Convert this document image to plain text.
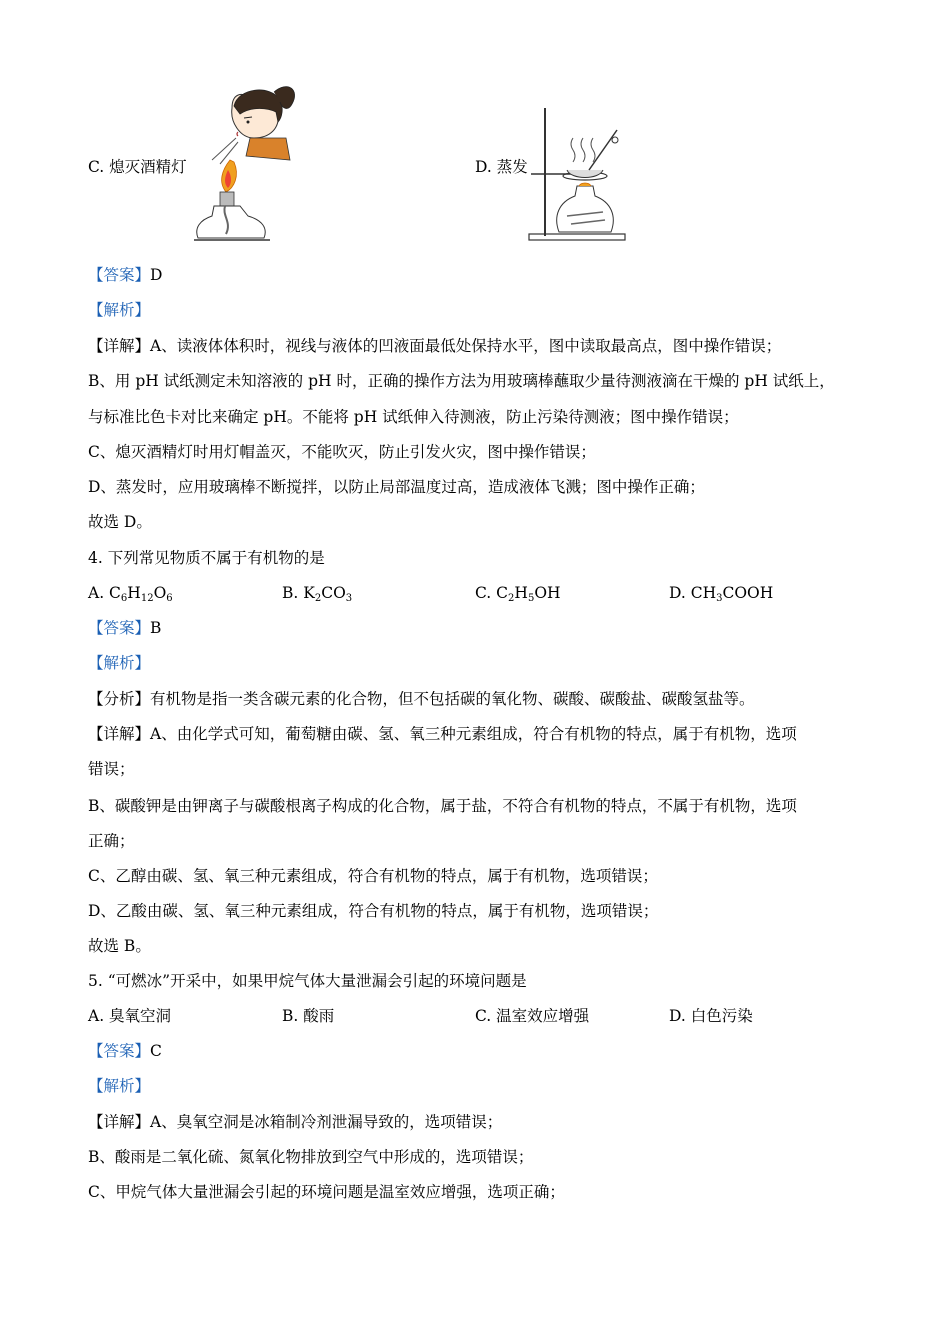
C. 熄灭酒精灯	D. 蒸发
【答案】D
【解析】
【详解】A、读液体体积时，视线与液体的凹液面最低处保持水平，图中读取最高点，图中操作错误；
B、用 pH 试纸测定未知溶液的 pH 时，正确的操作方法为用玻璃棒蘸取少量待测液滴在干燥的 pH 试纸上，
与标准比色卡对比来确定 pH。不能将 pH 试纸伸入待测液，防止污染待测液；图中操作错误；
C、熄灭酒精灯时用灯帽盖灭，不能吹灭，防止引发火灾，图中操作错误；
D、蒸发时，应用玻璃棒不断搅拌，以防止局部温度过高，造成液体飞溅；图中操作正确；
故选 D。
4. 下列常见物质不属于有机物的是
A. $C_6H_{12}O_6$	B. $K_2CO_3$	C. $C_2H_5OH$	D. $CH_3COOH$
【答案】B
【解析】
【分析】有机物是指一类含碳元素的化合物，但不包括碳的氧化物、碳酸、碳酸盐、碳酸氢盐等。
【详解】A、由化学式可知，葡萄糖由碳、氢、氧三种元素组成，符合有机物的特点，属于有机物，选项
错误；
B、碳酸钾是由钾离子与碳酸根离子构成的化合物，属于盐，不符合有机物的特点，不属于有机物，选项
正确；
C、乙醇由碳、氢、氧三种元素组成，符合有机物的特点，属于有机物，选项错误；
D、乙酸由碳、氢、氧三种元素组成，符合有机物的特点，属于有机物，选项错误；
故选 B。
5. “可燃冰”开采中，如果甲烷气体大量泄漏会引起的环境问题是
A. 臭氧空洞	B. 酸雨	C. 温室效应增强	D. 白色污染
【答案】C
【解析】
【详解】A、臭氧空洞是冰箱制冷剂泄漏导致的，选项错误；
B、酸雨是二氧化硫、氮氧化物排放到空气中形成的，选项错误；
C、甲烷气体大量泄漏会引起的环境问题是温室效应增强，选项正确；
